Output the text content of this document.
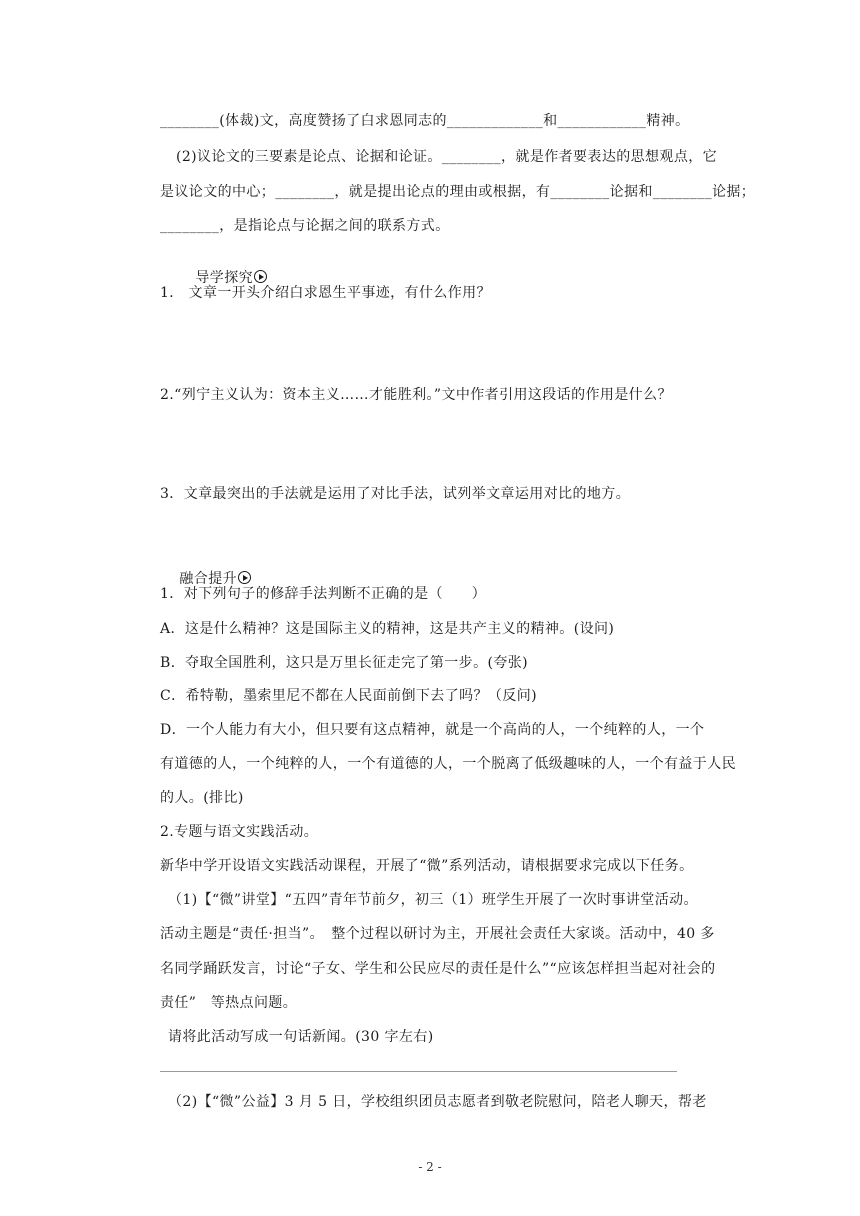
________(体裁)文，高度赞扬了白求恩同志的_____________和____________精神。
(2)议论文的三要素是论点、论据和论证。________，就是作者要表达的思想观点，它
是议论文的中心；________，就是提出论点的理由或根据，有________论据和________论据；
________，是指论点与论据之间的联系方式。

导学探究

1． 文章一开头介绍白求恩生平事迹，有什么作用？
2.“列宁主义认为：资本主义……才能胜利。”文中作者引用这段话的作用是什么？
3．文章最突出的手法就是运用了对比手法，试列举文章运用对比的地方。

融合提升

1．对下列句子的修辞手法判断不正确的是（　　）
A．这是什么精神？这是国际主义的精神，这是共产主义的精神。(设问)
B．夺取全国胜利，这只是万里长征走完了第一步。(夸张)
C．希特勒，墨索里尼不都在人民面前倒下去了吗？（反问)
D．一个人能力有大小，但只要有这点精神，就是一个高尚的人，一个纯粹的人，一个
有道德的人，一个纯粹的人，一个有道德的人，一个脱离了低级趣味的人，一个有益于人民
的人。(排比)
2.专题与语文实践活动。
新华中学开设语文实践活动课程，开展了“微”系列活动，请根据要求完成以下任务。
（1)【“微”讲堂】“五四”青年节前夕，初三（1）班学生开展了一次时事讲堂活动。
活动主题是“责任·担当”。　整个过程以研讨为主，开展社会责任大家谈。活动中，40 多
名同学踊跃发言，讨论“子女、学生和公民应尽的责任是什么”“应该怎样担当起对社会的
责任”　等热点问题。
请将此活动写成一句话新闻。(30 字左右)
（2)【“微”公益】3 月 5 日，学校组织团员志愿者到敬老院慰问，陪老人聊天，帮老
- 2 -
